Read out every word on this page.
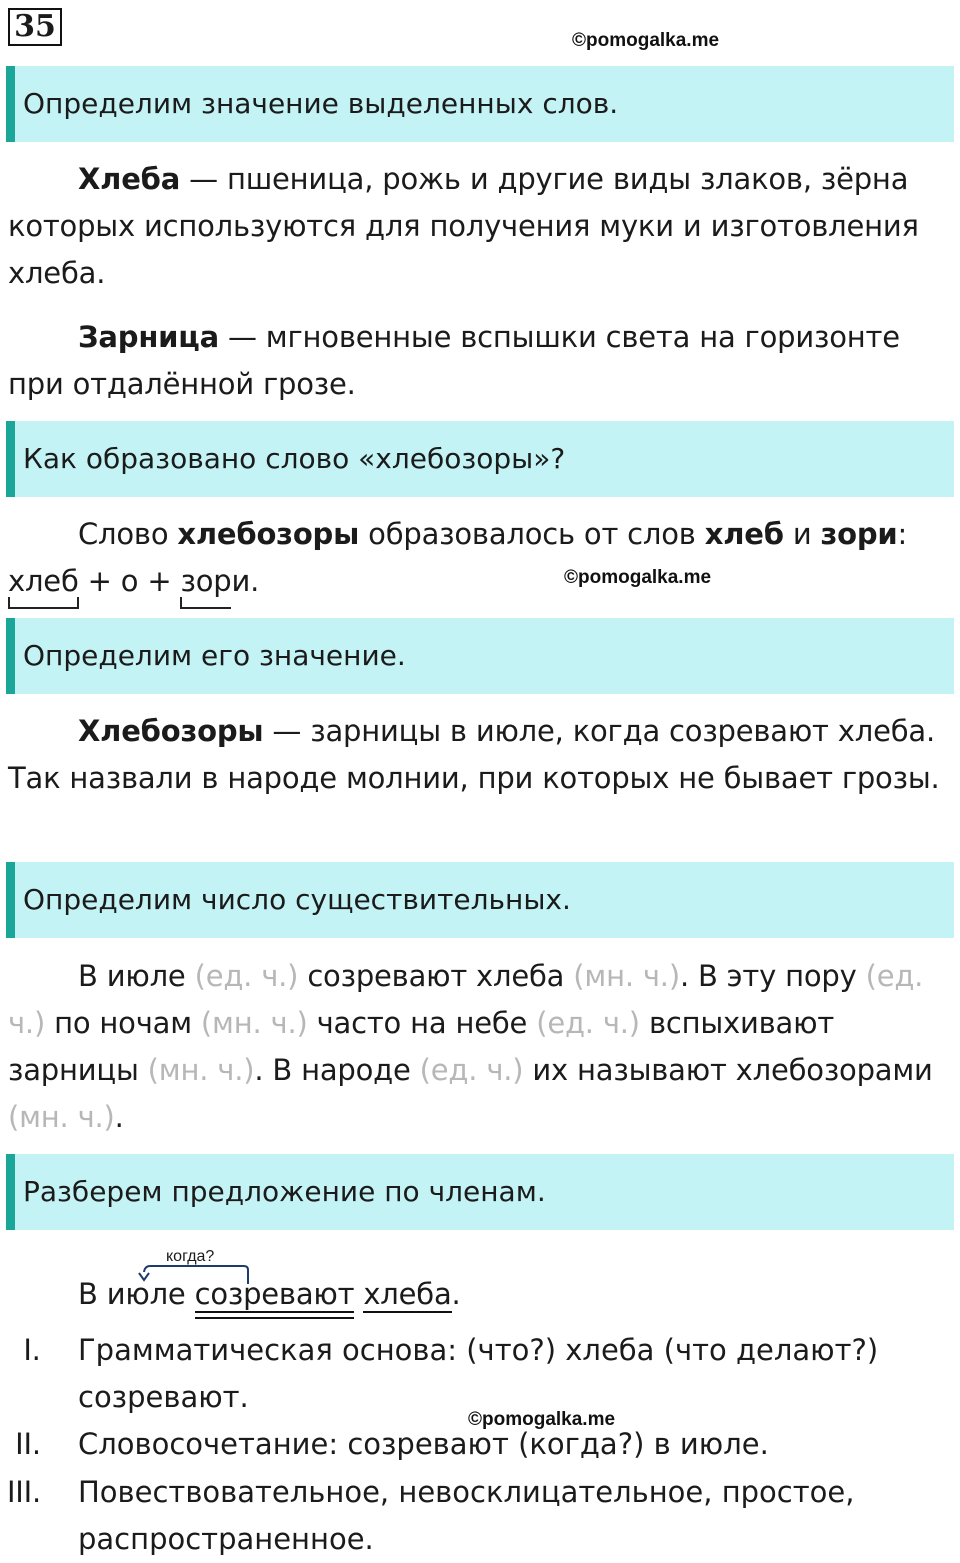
35	©pomogalka.me
Определим значение выделенных слов.
Хлеба — пшеница, рожь и другие виды злаков, зёрна которых используются для получения муки и изготовления хлеба.
Зарница — мгновенные вспышки света на горизонте при отдалённой грозе.
Как образовано слово «хлебозоры»?
Слово хлебозоры образовалось от слов хлеб и зори:
хлеб + о + зори.	©pomogalka.me
Определим его значение.
Хлебозоры — зарницы в июле, когда созревают хлеба. Так назвали в народе молнии, при которых не бывает грозы.
Определим число существительных.
В июле (ед. ч.) созревают хлеба (мн. ч.). В эту пору (ед. ч.) по ночам (мн. ч.) часто на небе (ед. ч.) вспыхивают зарницы (мн. ч.). В народе (ед. ч.) их называют хлебозорами (мн. ч.).
Разберем предложение по членам.
когда?
В июле созревают хлеба.
I.	Грамматическая основа: (что?) хлеба (что делают?) созревают.
©pomogalka.me
II.	Словосочетание: созревают (когда?) в июле.
III.	Повествовательное, невосклицательное, простое, распространенное.
